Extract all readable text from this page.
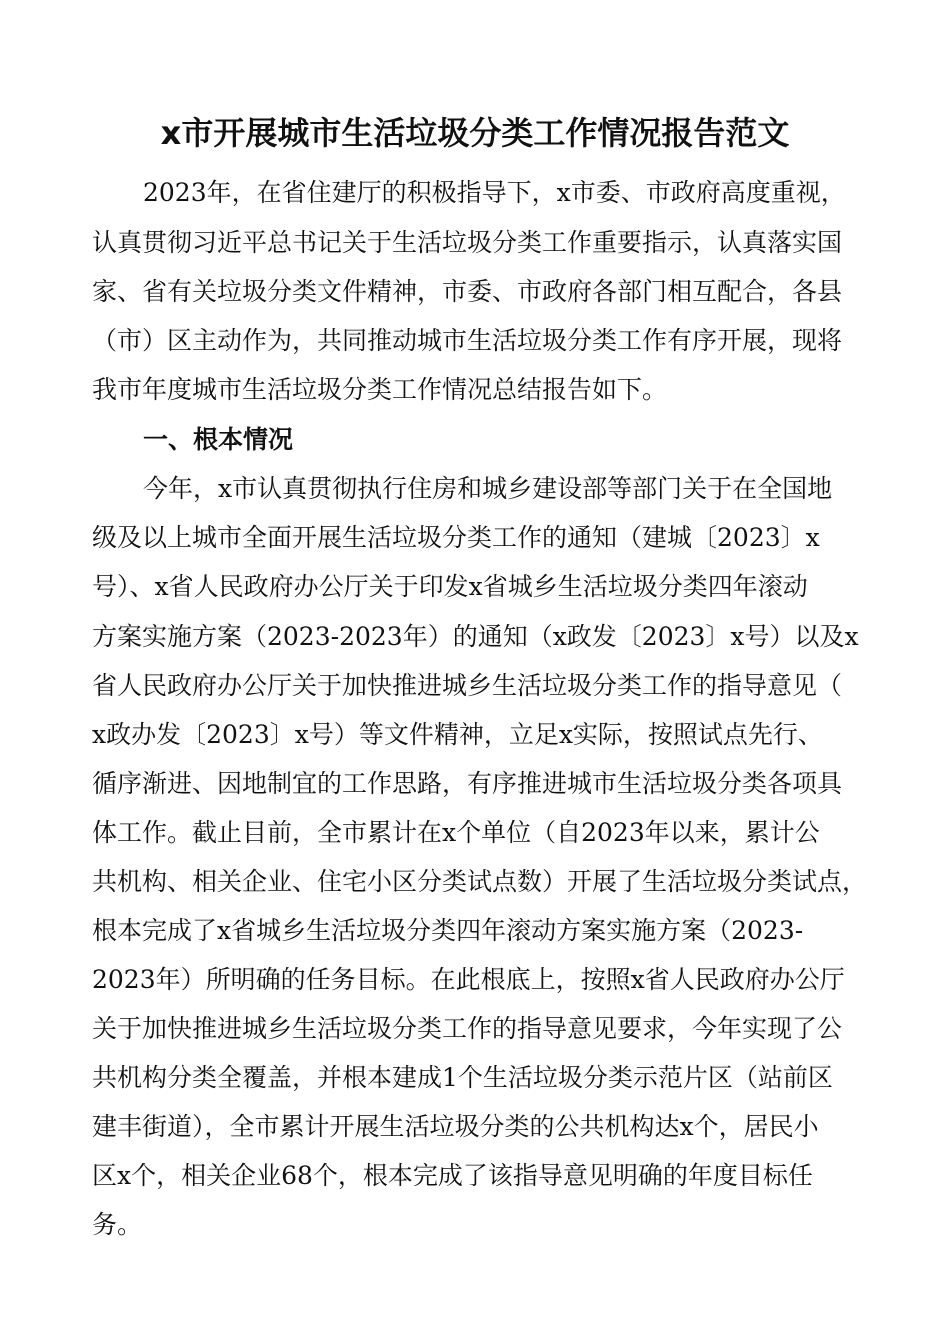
x市开展城市生活垃圾分类工作情况报告范文
2023年，在省住建厅的积极指导下，x市委、市政府高度重视，
认真贯彻习近平总书记关于生活垃圾分类工作重要指示，认真落实国
家、省有关垃圾分类文件精神，市委、市政府各部门相互配合，各县
（市）区主动作为，共同推动城市生活垃圾分类工作有序开展，现将
我市年度城市生活垃圾分类工作情况总结报告如下。
一、根本情况
今年，x市认真贯彻执行住房和城乡建设部等部门关于在全国地
级及以上城市全面开展生活垃圾分类工作的通知（建城〔2023〕x
号）、x省人民政府办公厅关于印发x省城乡生活垃圾分类四年滚动
方案实施方案（2023-2023年）的通知（x政发〔2023〕x号）以及x
省人民政府办公厅关于加快推进城乡生活垃圾分类工作的指导意见（
x政办发〔2023〕x号）等文件精神，立足x实际，按照试点先行、
循序渐进、因地制宜的工作思路，有序推进城市生活垃圾分类各项具
体工作。截止目前，全市累计在x个单位（自2023年以来，累计公
共机构、相关企业、住宅小区分类试点数）开展了生活垃圾分类试点，
根本完成了x省城乡生活垃圾分类四年滚动方案实施方案（2023-
2023年）所明确的任务目标。在此根底上，按照x省人民政府办公厅
关于加快推进城乡生活垃圾分类工作的指导意见要求，今年实现了公
共机构分类全覆盖，并根本建成1个生活垃圾分类示范片区（站前区
建丰街道），全市累计开展生活垃圾分类的公共机构达x个，居民小
区x个，相关企业68个，根本完成了该指导意见明确的年度目标任
务。
